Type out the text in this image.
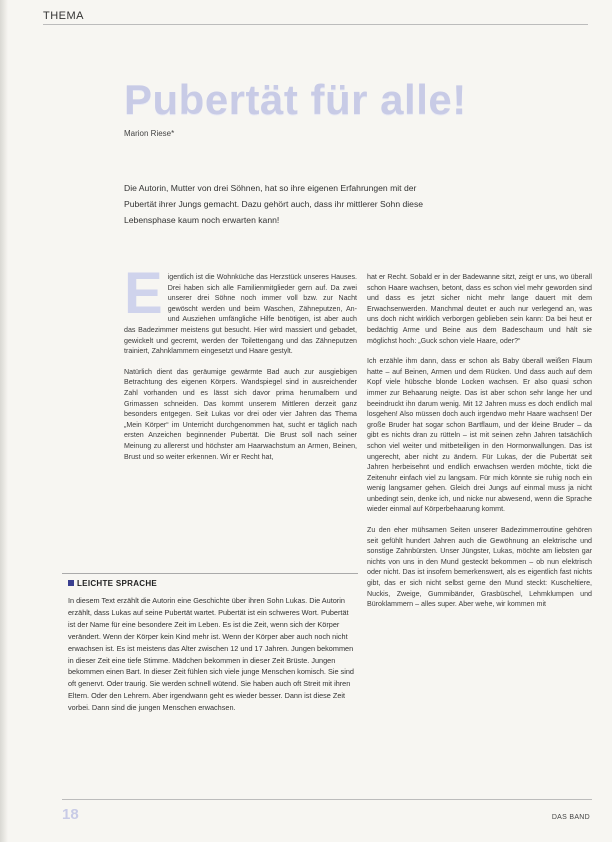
THEMA
Pubertät für alle!
Marion Riese*

Die Autorin, Mutter von drei Söhnen, hat so ihre eigenen Erfahrungen mit der Pubertät ihrer Jungs gemacht. Dazu gehört auch, dass ihr mittlerer Sohn diese Lebensphase kaum noch erwarten kann!

Eigentlich ist die Wohnküche das Herzstück unseres Hauses. Drei haben sich alle Familienmitglieder gern auf. Da zwei unserer drei Söhne noch immer voll bzw. zur Nacht gewöscht werden und beim Waschen, Zähneputzen, An- und Ausziehen umfängliche Hilfe benötigen, ist aber auch das Badezimmer meistens gut besucht. Hier wird massiert und gebadet, gewickelt und gecremt, werden der Toilettengang und das Zähneputzen trainiert, Zahnklammern eingesetzt und Haare gestylt.

Natürlich dient das geräumige gewärmte Bad auch zur ausgiebigen Betrachtung des eigenen Körpers. Wandspiegel sind in ausreichender Zahl vorhanden und es lässt sich davor prima herumalbern und Grimassen schneiden. Das kommt unserem Mittleren derzeit ganz besonders entgegen. Seit Lukas vor drei oder vier Jahren das Thema „Mein Körper“ im Unterricht durchgenommen hat, sucht er täglich nach ersten Anzeichen beginnender Pubertät. Die Brust soll nach seiner Meinung zu allererst und höchster am Haarwachstum an Armen, Beinen, Brust und so weiter erkennen. Wir er Recht hat,

hat er Recht. Sobald er in der Badewanne sitzt, zeigt er uns, wo überall schon Haare wachsen, betont, dass es schon viel mehr geworden sind und dass es jetzt sicher nicht mehr lange dauert mit dem Erwachsenwerden. Manchmal deutet er auch nur verlegend an, was uns doch nicht wirklich verborgen geblieben sein kann: Da bei heut er bedächtig Arme und Beine aus dem Badeschaum und hält sie möglichst hoch: „Guck schon viele Haare, oder?“

Ich erzähle ihm dann, dass er schon als Baby überall weißen Flaum hatte – auf Beinen, Armen und dem Rücken. Und dass auch auf dem Kopf viele hübsche blonde Locken wachsen. Er also quasi schon immer zur Behaarung neigte. Das ist aber schon sehr lange her und beeindruckt ihn darum wenig. Mit 12 Jahren muss es doch endlich mal losgehen! Also müssen doch auch irgendwo mehr Haare wachsen! Der große Bruder hat sogar schon Bartflaum, und der kleine Bruder – da gibt es nichts dran zu rütteln – ist mit seinen zehn Jahren tatsächlich schon viel weiter und mitbeteiligen in den Hormonwallungen. Das ist ungerecht, aber nicht zu ändern. Für Lukas, der die Pubertät seit Jahren herbeisehnt und endlich erwachsen werden möchte, tickt die Zeitenuhr einfach viel zu langsam. Für mich könnte sie ruhig noch ein wenig langsamer gehen. Gleich drei Jungs auf einmal muss ja nicht unbedingt sein, denke ich, und nicke nur abwesend, wenn die Sprache wieder einmal auf Körperbehaarung kommt.

Zu den eher mühsamen Seiten unserer Badezimmerroutine gehören seit gefühlt hundert Jahren auch die Gewöhnung an elektrische und sonstige Zahnbürsten. Unser Jüngster, Lukas, möchte am liebsten gar nichts von uns in den Mund gesteckt bekommen – ob nun elektrisch oder nicht. Das ist insofern bemerkenswert, als es eigentlich fast nichts gibt, das er sich nicht selbst gerne den Mund steckt: Kuscheltiere, Nuckis, Zweige, Gummibänder, Grasbüschel, Lehmklumpen und Büroklammern – alles super. Aber wehe, wir kommen mit

LEICHTE SPRACHE
In diesem Text erzählt die Autorin eine Geschichte über ihren Sohn Lukas. Die Autorin erzählt, dass Lukas auf seine Pubertät wartet. Pubertät ist ein schweres Wort. Pubertät ist der Name für eine besondere Zeit im Leben. Es ist die Zeit, wenn sich der Körper verändert. Wenn der Körper kein Kind mehr ist. Wenn der Körper aber auch noch nicht erwachsen ist. Es ist meistens das Alter zwischen 12 und 17 Jahren. Jungen bekommen in dieser Zeit eine tiefe Stimme. Mädchen bekommen in dieser Zeit Brüste. Jungen bekommen einen Bart. In dieser Zeit fühlen sich viele junge Menschen komisch. Sie sind oft genervt. Oder traurig. Sie werden schnell wütend. Sie haben auch oft Streit mit ihren Eltern. Oder den Lehrern. Aber irgendwann geht es wieder besser. Dann ist diese Zeit vorbei. Dann sind die jungen Menschen erwachsen.
18	DAS BAND
